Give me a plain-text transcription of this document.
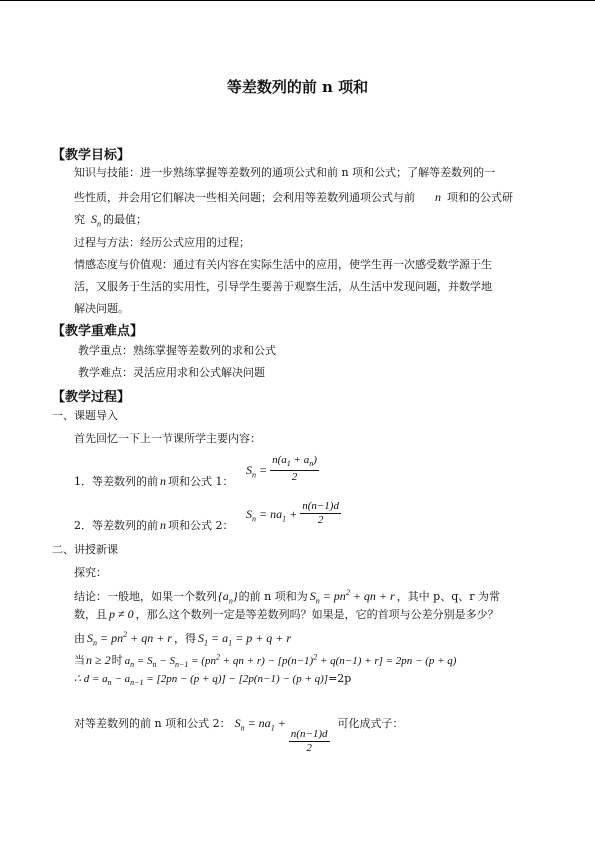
等差数列的前 n 项和
【教学目标】
知识与技能：进一步熟练掌握等差数列的通项公式和前 n 项和公式；了解等差数列的一
些性质，并会用它们解决一些相关问题；会利用等差数列通项公式与前 n 项和的公式研
究 $S_n$ 的最值；
过程与方法：经历公式应用的过程；
情感态度与价值观：通过有关内容在实际生活中的应用，使学生再一次感受数学源于生
活，又服务于生活的实用性，引导学生要善于观察生活，从生活中发现问题，并数学地
解决问题。
【教学重难点】
教学重点：熟练掌握等差数列的求和公式
教学难点：灵活应用求和公式解决问题
【教学过程】
一、课题导入
首先回忆一下上一节课所学主要内容：
1．等差数列的前 n 项和公式 1：
$S_n = \frac{n(a_1 + a_n)}{2}$
2．等差数列的前 n 项和公式 2：
$S_n = na_1 + \frac{n(n-1)d}{2}$
二、讲授新课
探究：
结论：一般地，如果一个数列$\{a_n\}$的前 n 项和为 $S_n = pn^2$ + qn + r ，其中 p、q、r 为常
数，且 p ≠ 0 ，那么这个数列一定是等差数列吗？如果是，它的首项与公差分别是多少？
由 $S_n = pn^2$ + qn + r ，得 $S_1 = a_1 = p + q + r$
当n ≥ 2时 $a_n = S_n - S_{n-1} = (pn^2$ + qn + $r) - [p(n-1)^2 + q(n-1) + r] = 2pn - (p + q)$
∴ $d = a_n - a_{n-1} = [2pn - (p + q)] - [2p(n-1) - (p + q)]=2p$
对等差数列的前 n 项和公式 2： $S_n = na_1$ +
$\frac{n(n-1)d}{2}$
可化成式子：
